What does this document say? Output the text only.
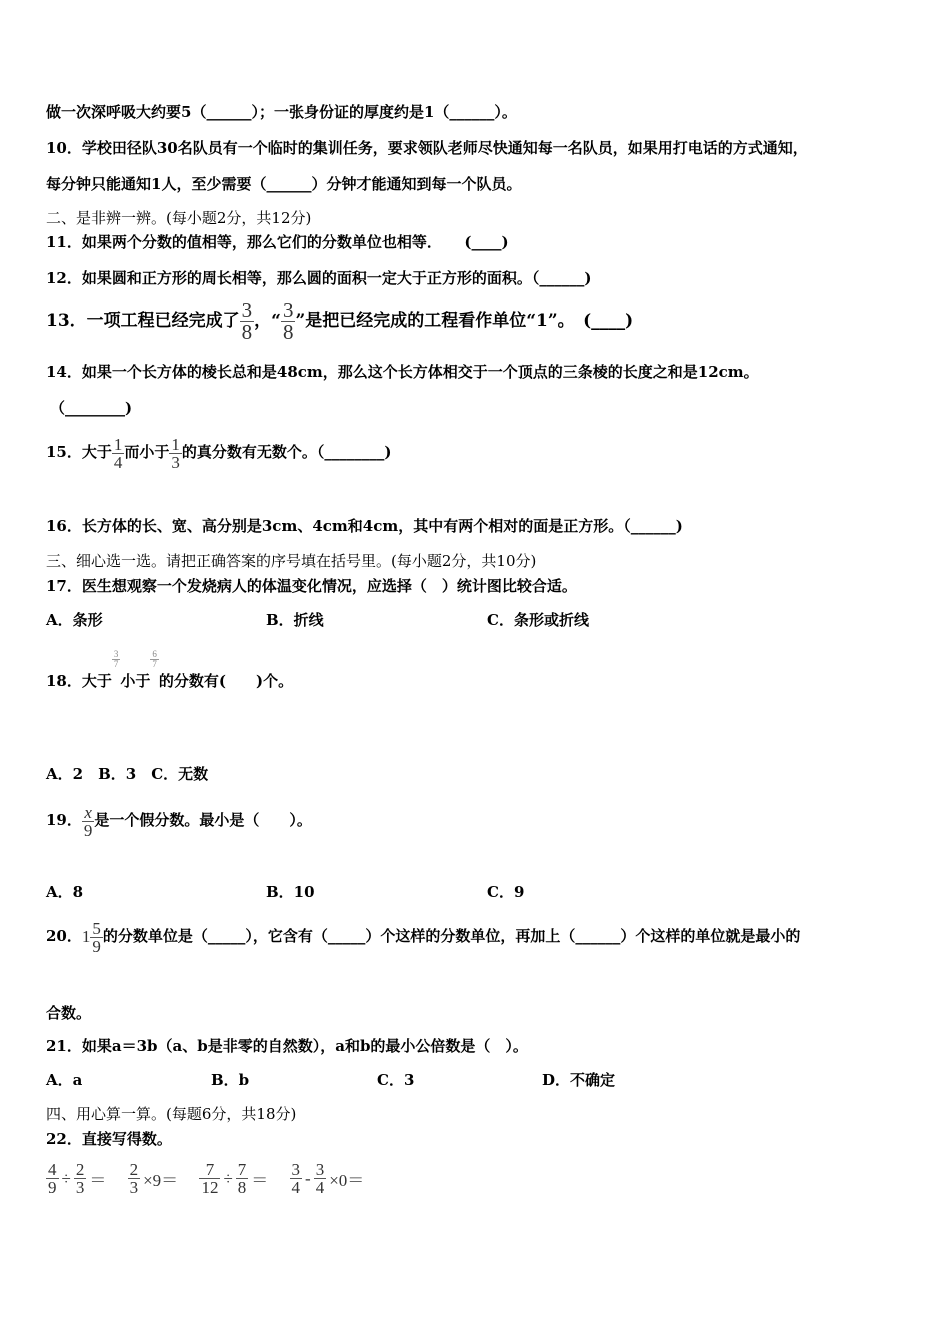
做一次深呼吸大约要5（______）；一张身份证的厚度约是1（______）。
10．学校田径队30名队员有一个临时的集训任务，要求领队老师尽快通知每一名队员，如果用打电话的方式通知，
每分钟只能通知1人，至少需要（______）分钟才能通知到每一个队员。
二、是非辨一辨。(每小题2分，共12分)
11．如果两个分数的值相等，那么它们的分数单位也相等．　　(____)
12．如果圆和正方形的周长相等，那么圆的面积一定大于正方形的面积。（______)
13．一项工程已经完成了 $\frac{3}{8}$ ，“ $\frac{3}{8}$ ”是把已经完成的工程看作单位“1”。　(____)
14．如果一个长方体的棱长总和是48cm，那么这个长方体相交于一个顶点的三条棱的长度之和是12cm。
（________)
15．大于 $\frac{1}{4}$ 而小于 $\frac{1}{3}$ 的真分数有无数个。（________)
16．长方体的长、宽、高分别是3cm、4cm和4cm，其中有两个相对的面是正方形。（______)
三、细心选一选。请把正确答案的序号填在括号里。(每小题2分，共10分)
17．医生想观察一个发烧病人的体温变化情况，应选择（　）统计图比较合适。
A．条形	B．折线	C．条形或折线
18．大于
$\frac{3}{7}$
小于
$\frac{6}{7}$
的分数有(　　)个。
A．2　B．3　C．无数
19． $\frac{x}{9}$ 是一个假分数。最小是（　　）。
A．8	B．10	C．9
20． $1 \frac{5}{9}$ 的分数单位是（_____），它含有（_____）个这样的分数单位，再加上（______）个这样的单位就是最小的
合数。
21．如果a＝3b（a、b是非零的自然数），a和b的最小公倍数是（　）。
A．a	B．b	C．3	D．不确定
四、用心算一算。(每题6分，共18分)
22．直接写得数。
$\frac{4}{9} \div \frac{2}{3}$ ＝
$\frac{2}{3} \times 9=$
$\frac{7}{12} \div \frac{7}{8}$ ＝
$\frac{3}{4} - \frac{3}{4} \times 0=$
